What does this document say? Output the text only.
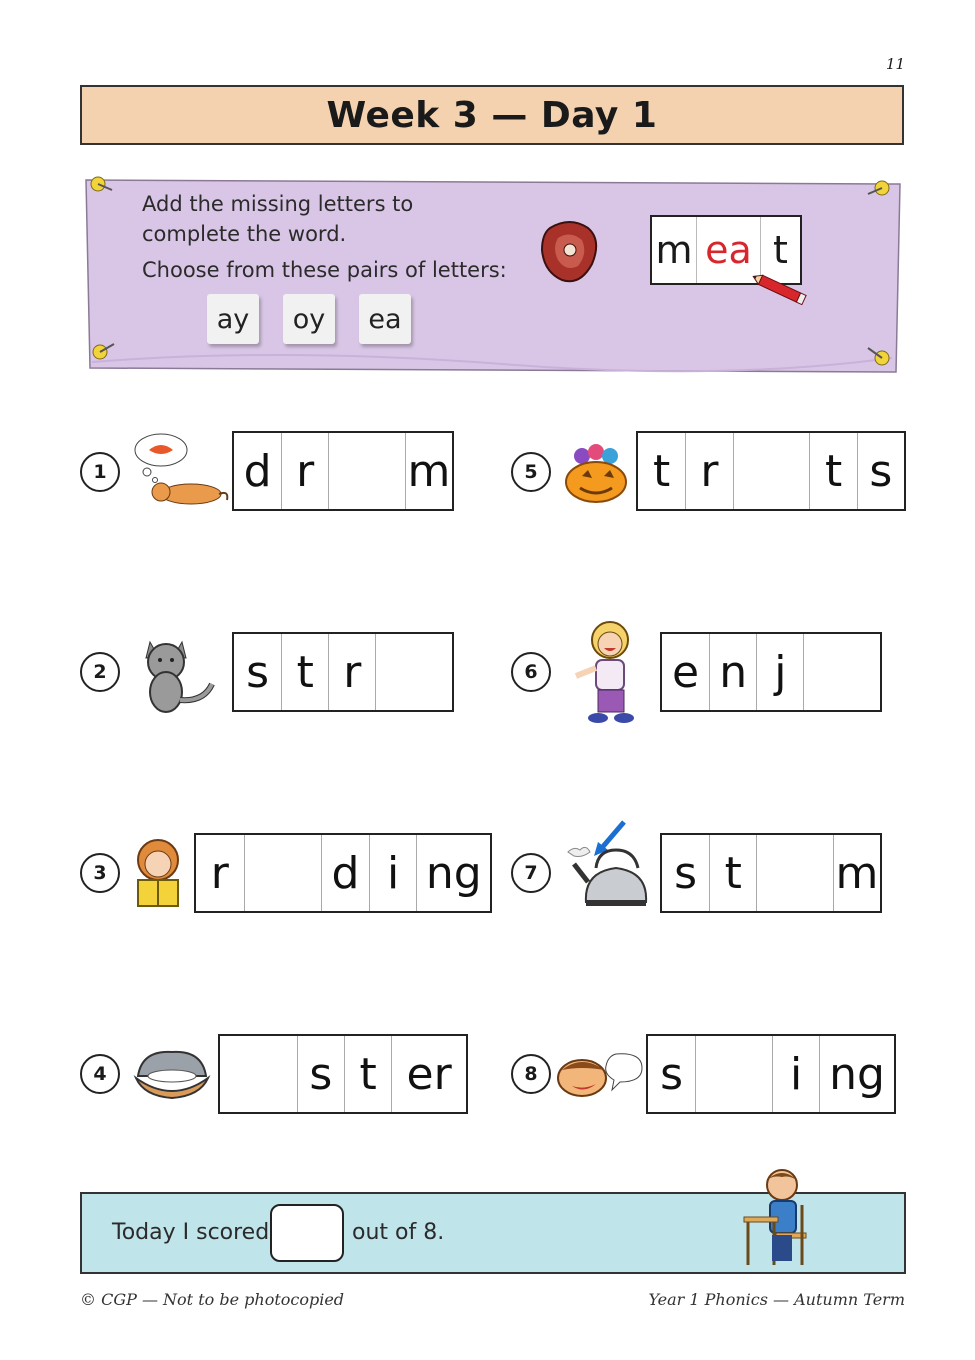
11
Week 3 — Day 1
Add the missing letters to
complete the word.
Choose from these pairs of letters:
ay	oy	ea
m ea t
1	d r	m	5	t r	t s
2	s t r	6	e n j
3	r	d i ng	7	s t	m
4	s t er	8	s	i ng
Today I scored	out of 8.
© CGP — Not to be photocopied	Year 1 Phonics — Autumn Term
